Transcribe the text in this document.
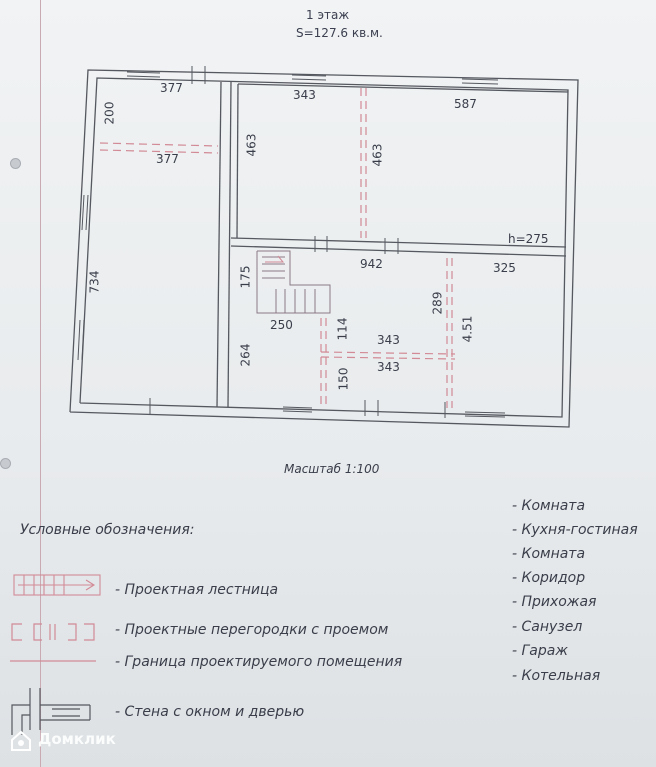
1 этаж
S=127.6 кв.м.
377
200
377
734
343
463	463
587
h=275
942	325
175
250
264
114 343
343
289
4.51
150
Масштаб 1:100
- Комната
- Кухня-гостиная
- Комната
- Коридор
- Прихожая
- Санузел
- Гараж
- Котельная
Условные обозначения:
- Проектная лестница
- Проектные перегородки с проемом
- Граница проектируемого помещения
- Стена с окном и дверью
Домклик
